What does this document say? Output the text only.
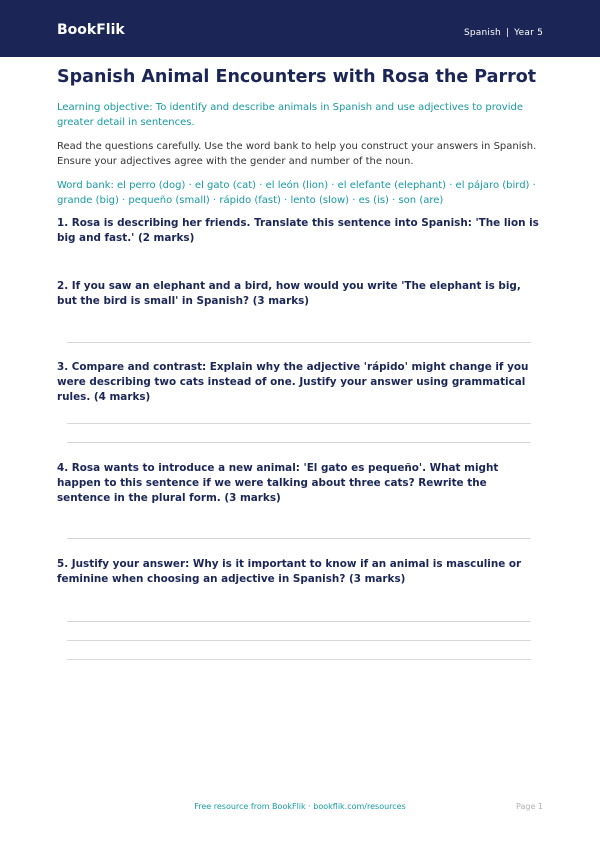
BookFlik	Spanish | Year 5
Spanish Animal Encounters with Rosa the Parrot

Learning objective: To identify and describe animals in Spanish and use adjectives to provide greater detail in sentences.

Read the questions carefully. Use the word bank to help you construct your answers in Spanish. Ensure your adjectives agree with the gender and number of the noun.

Word bank: el perro (dog) · el gato (cat) · el león (lion) · el elefante (elephant) · el pájaro (bird) · grande (big) · pequeño (small) · rápido (fast) · lento (slow) · es (is) · son (are)

1. Rosa is describing her friends. Translate this sentence into Spanish: 'The lion is big and fast.' (2 marks)
2. If you saw an elephant and a bird, how would you write 'The elephant is big, but the bird is small' in Spanish? (3 marks)
3. Compare and contrast: Explain why the adjective 'rápido' might change if you were describing two cats instead of one. Justify your answer using grammatical rules. (4 marks)
4. Rosa wants to introduce a new animal: 'El gato es pequeño'. What might happen to this sentence if we were talking about three cats? Rewrite the sentence in the plural form. (3 marks)
5. Justify your answer: Why is it important to know if an animal is masculine or feminine when choosing an adjective in Spanish? (3 marks)
Free resource from BookFlik · bookflik.com/resources	Page 1
